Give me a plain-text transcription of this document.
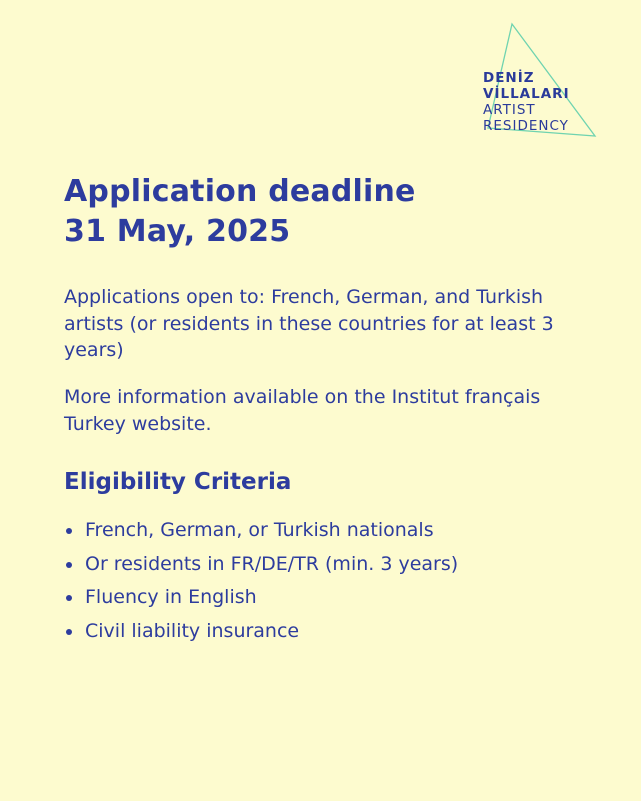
DENİZ
VİLLALARI
ARTIST
RESIDENCY
Application deadline
31 May, 2025

Applications open to: French, German, and Turkish artists (or residents in these countries for at least 3 years)

More information available on the Institut français Turkey website.

Eligibility Criteria
French, German, or Turkish nationals
Or residents in FR/DE/TR (min. 3 years)
Fluency in English
Civil liability insurance
